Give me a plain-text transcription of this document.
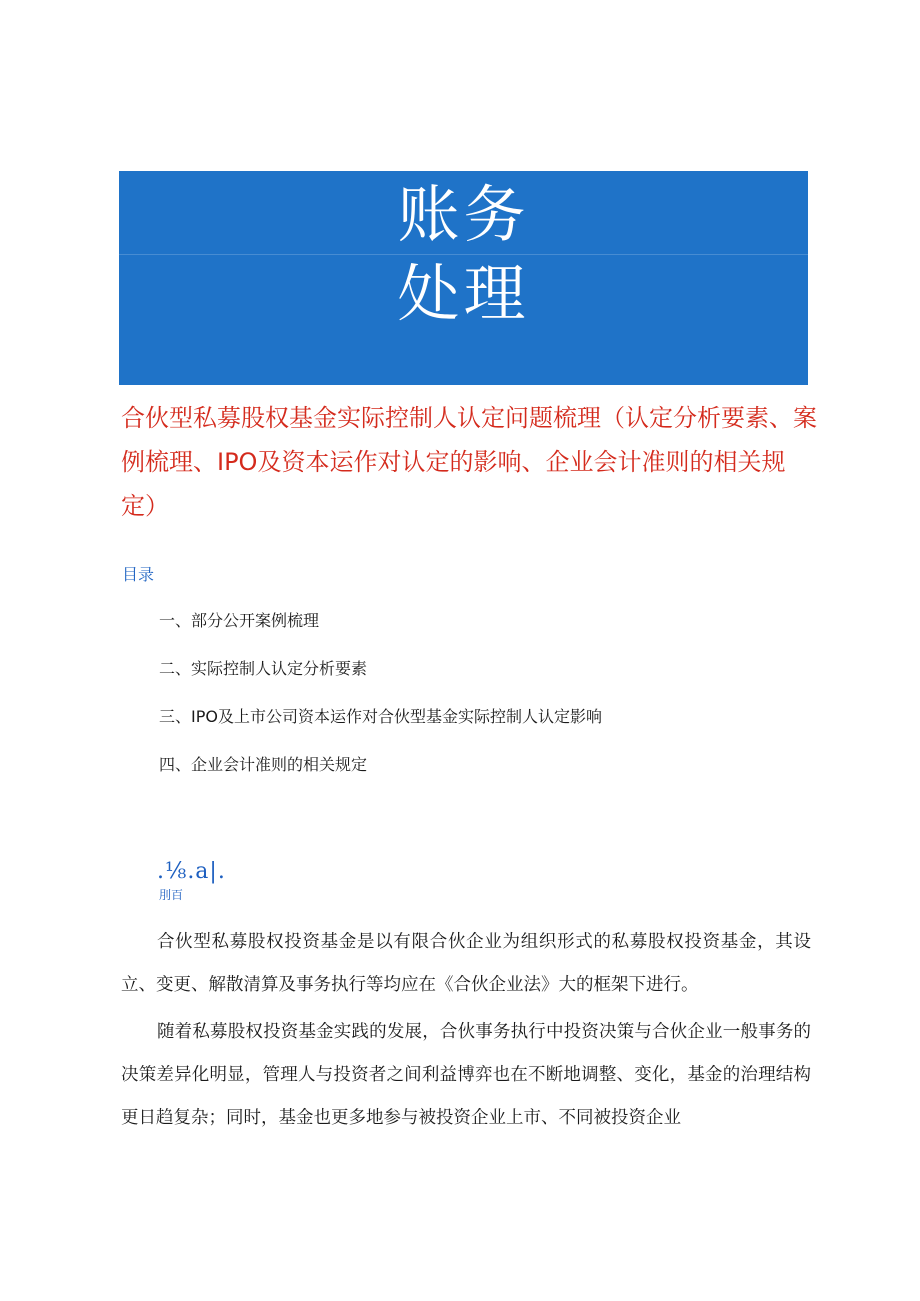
账务
处理
合伙型私募股权基金实际控制人认定问题梳理（认定分析要素、案例梳理、IPO及资本运作对认定的影响、企业会计准则的相关规定）
目录
一、部分公开案例梳理
二、实际控制人认定分析要素
三、IPO及上市公司资本运作对合伙型基金实际控制人认定影响
四、企业会计准则的相关规定
.⅛.a|.
刖百

合伙型私募股权投资基金是以有限合伙企业为组织形式的私募股权投资基金，其设立、变更、解散清算及事务执行等均应在《合伙企业法》大的框架下进行。

随着私募股权投资基金实践的发展，合伙事务执行中投资决策与合伙企业一般事务的决策差异化明显，管理人与投资者之间利益博弈也在不断地调整、变化，基金的治理结构更日趋复杂；同时，基金也更多地参与被投资企业上市、不同被投资企业
